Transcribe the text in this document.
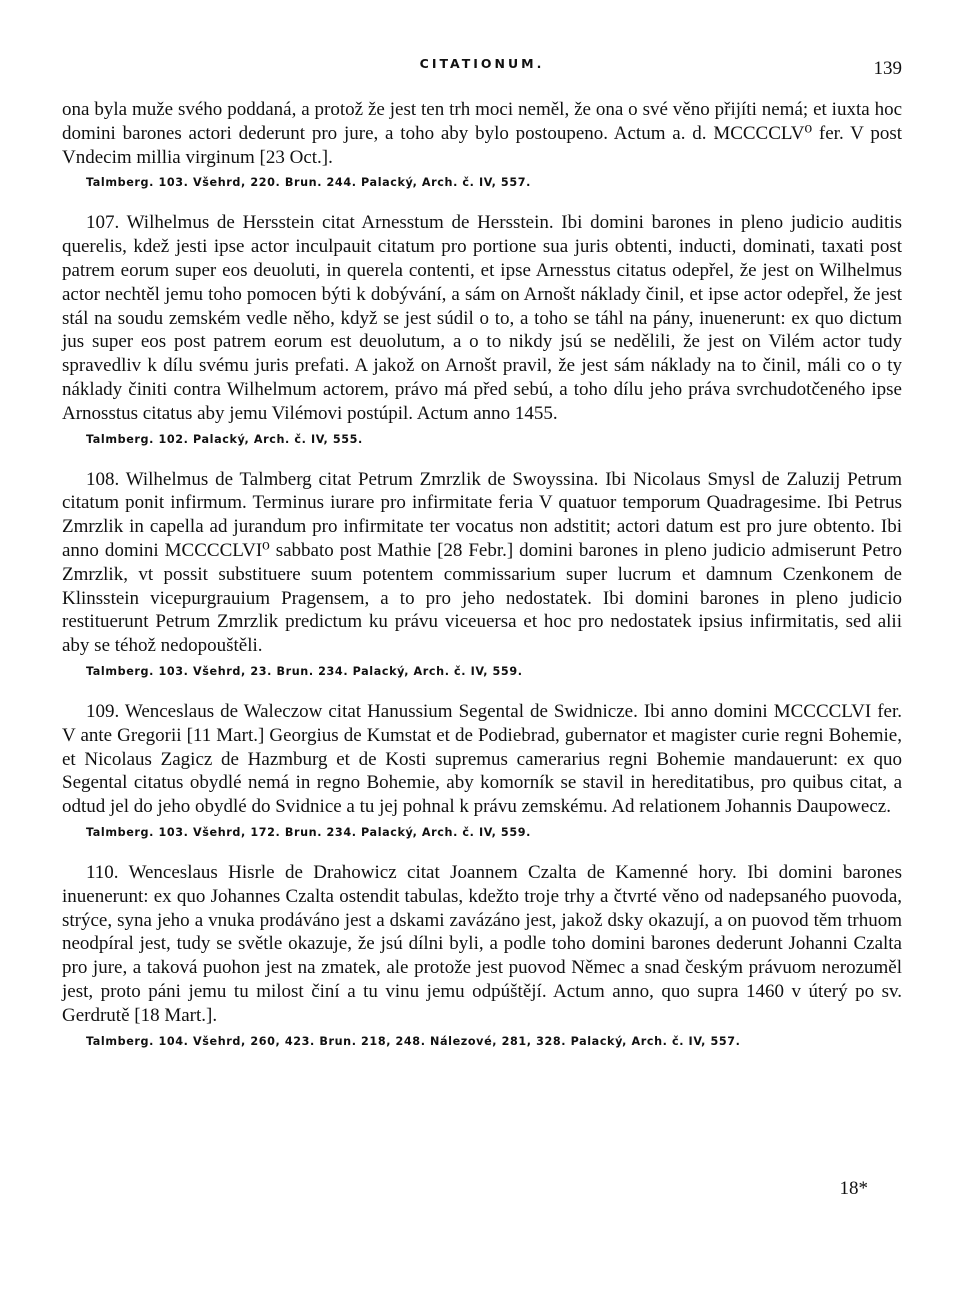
CITATIONUM.	139

ona byla muže svého poddaná, a protož že jest ten trh moci neměl, že ona o své věno přijíti nemá; et iuxta hoc domini barones actori dederunt pro jure, a toho aby bylo postoupeno. Actum a. d. MCCCCLV⁰ fer. V post Vndecim millia virginum [23 Oct.].

Talmberg. 103. Všehrd, 220. Brun. 244. Palacký, Arch. č. IV, 557.

107. Wilhelmus de Hersstein citat Arnesstum de Hersstein. Ibi domini barones in pleno judicio auditis querelis, kdež jesti ipse actor inculpauit citatum pro portione sua juris obtenti, inducti, dominati, taxati post patrem eorum super eos deuoluti, in querela contenti, et ipse Arnesstus citatus odepřel, že jest on Wilhelmus actor nechtěl jemu toho pomocen býti k dobývání, a sám on Arnošt náklady činil, et ipse actor odepřel, že jest stál na soudu zemském vedle něho, když se jest súdil o to, a toho se táhl na pány, inuenerunt: ex quo dictum jus super eos post patrem eorum est deuolutum, a o to nikdy jsú se nedělili, že jest on Vilém actor tudy spravedliv k dílu svému juris prefati. A jakož on Arnošt pravil, že jest sám náklady na to činil, máli co o ty náklady činiti contra Wilhelmum actorem, právo má před sebú, a toho dílu jeho práva svrchudotčeného ipse Arnosstus citatus aby jemu Vilémovi postúpil. Actum anno 1455.

Talmberg. 102. Palacký, Arch. č. IV, 555.

108. Wilhelmus de Talmberg citat Petrum Zmrzlik de Swoyssina. Ibi Nicolaus Smysl de Zaluzij Petrum citatum ponit infirmum. Terminus iurare pro infirmitate feria V quatuor temporum Quadragesime. Ibi Petrus Zmrzlik in capella ad jurandum pro infirmitate ter vocatus non adstitit; actori datum est pro jure obtento. Ibi anno domini MCCCCLVI⁰ sabbato post Mathie [28 Febr.] domini barones in pleno judicio admiserunt Petro Zmrzlik, vt possit substituere suum potentem commissarium super lucrum et damnum Czenkonem de Klinsstein vicepurgrauium Pragensem, a to pro jeho nedostatek. Ibi domini barones in pleno judicio restituerunt Petrum Zmrzlik predictum ku právu viceuersa et hoc pro nedostatek ipsius infirmitatis, sed alii aby se téhož nedopouštěli.

Talmberg. 103. Všehrd, 23. Brun. 234. Palacký, Arch. č. IV, 559.

109. Wenceslaus de Waleczow citat Hanussium Segental de Swidnicze. Ibi anno domini MCCCCLVI fer. V ante Gregorii [11 Mart.] Georgius de Kumstat et de Podiebrad, gubernator et magister curie regni Bohemie, et Nicolaus Zagicz de Hazmburg et de Kosti supremus camerarius regni Bohemie mandauerunt: ex quo Segental citatus obydlé nemá in regno Bohemie, aby komorník se stavil in hereditatibus, pro quibus citat, a odtud jel do jeho obydlé do Svidnice a tu jej pohnal k právu zemskému. Ad relationem Johannis Daupowecz.

Talmberg. 103. Všehrd, 172. Brun. 234. Palacký, Arch. č. IV, 559.

110. Wenceslaus Hisrle de Drahowicz citat Joannem Czalta de Kamenné hory. Ibi domini barones inuenerunt: ex quo Johannes Czalta ostendit tabulas, kdežto troje trhy a čtvrté věno od nadepsaného puovoda, strýce, syna jeho a vnuka prodáváno jest a dskami zavázáno jest, jakož dsky okazují, a on puovod těm trhuom neodpíral jest, tudy se světle okazuje, že jsú dílni byli, a podle toho domini barones dederunt Johanni Czalta pro jure, a taková puohon jest na zmatek, ale protože jest puovod Němec a snad českým právuom nerozuměl jest, proto páni jemu tu milost činí a tu vinu jemu odpúštějí. Actum anno, quo supra 1460 v úterý po sv. Gerdrutě [18 Mart.].

Talmberg. 104. Všehrd, 260, 423. Brun. 218, 248. Nálezové, 281, 328. Palacký, Arch. č. IV, 557.
18*
